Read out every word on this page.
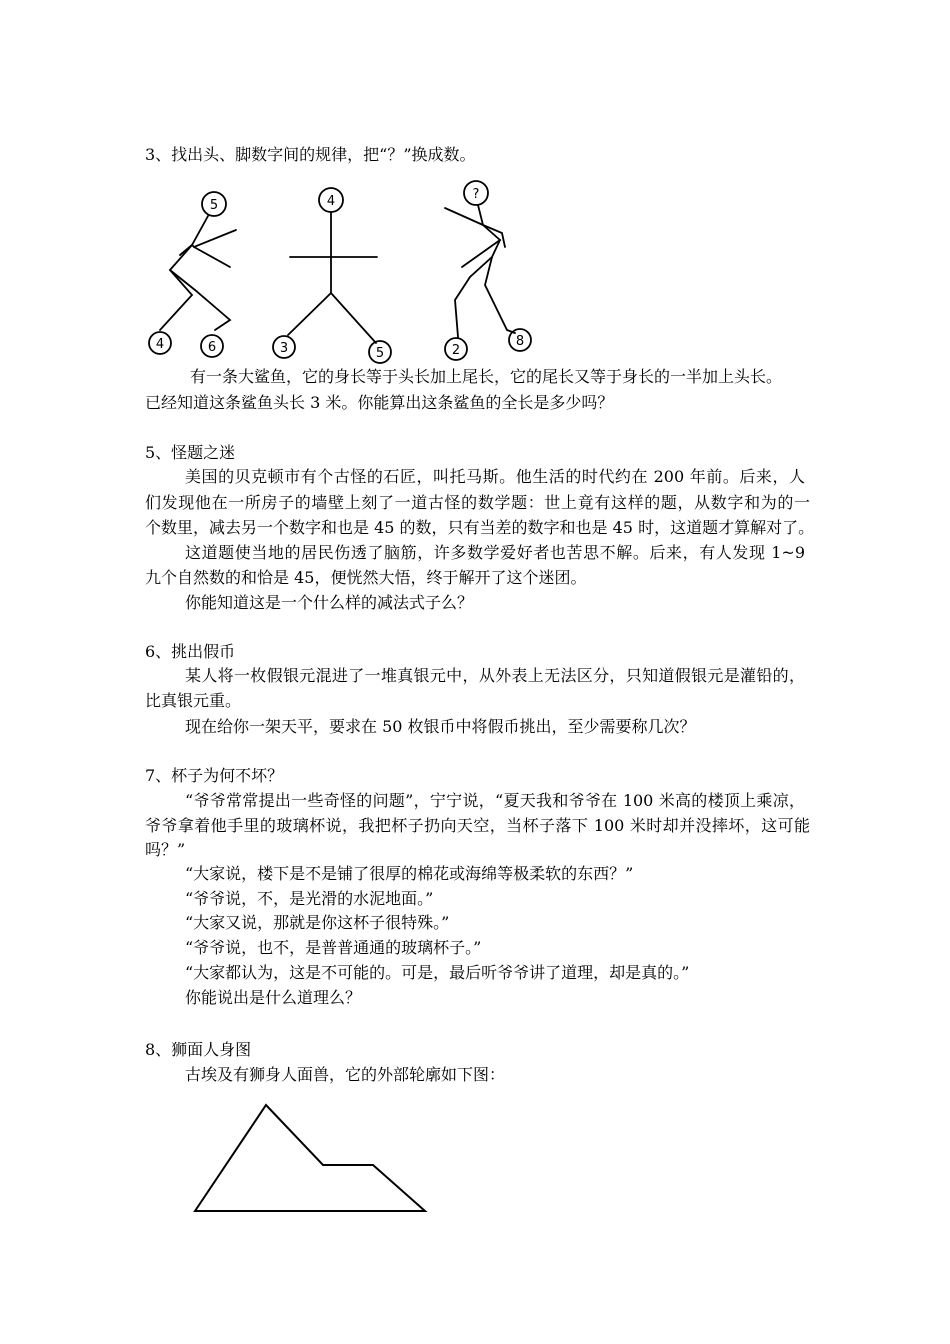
3、找出头、脚数字间的规律，把“？”换成数。
5
4	6
4
3	5
?
2
8
有一条大鲨鱼，它的身长等于头长加上尾长，它的尾长又等于身长的一半加上头长。
已经知道这条鲨鱼头长 3 米。你能算出这条鲨鱼的全长是多少吗？
5、怪题之迷
美国的贝克顿市有个古怪的石匠，叫托马斯。他生活的时代约在 200 年前。后来，人
们发现他在一所房子的墙壁上刻了一道古怪的数学题：世上竟有这样的题，从数字和为的一
个数里，减去另一个数字和也是 45 的数，只有当差的数字和也是 45 时，这道题才算解对了。
这道题使当地的居民伤透了脑筋，许多数学爱好者也苦思不解。后来，有人发现 1~9
九个自然数的和恰是 45，便恍然大悟，终于解开了这个迷团。
你能知道这是一个什么样的减法式子么？
6、挑出假币
某人将一枚假银元混进了一堆真银元中，从外表上无法区分，只知道假银元是灌铅的，
比真银元重。
现在给你一架天平，要求在 50 枚银币中将假币挑出，至少需要称几次？
7、杯子为何不坏？
“爷爷常常提出一些奇怪的问题”，宁宁说，“夏天我和爷爷在 100 米高的楼顶上乘凉，
爷爷拿着他手里的玻璃杯说，我把杯子扔向天空，当杯子落下 100 米时却并没摔坏，这可能
吗？”
“大家说，楼下是不是铺了很厚的棉花或海绵等极柔软的东西？”
“爷爷说，不，是光滑的水泥地面。”
“大家又说，那就是你这杯子很特殊。”
“爷爷说，也不，是普普通通的玻璃杯子。”
“大家都认为，这是不可能的。可是，最后听爷爷讲了道理，却是真的。”
你能说出是什么道理么？
8、狮面人身图
古埃及有狮身人面兽，它的外部轮廓如下图：
